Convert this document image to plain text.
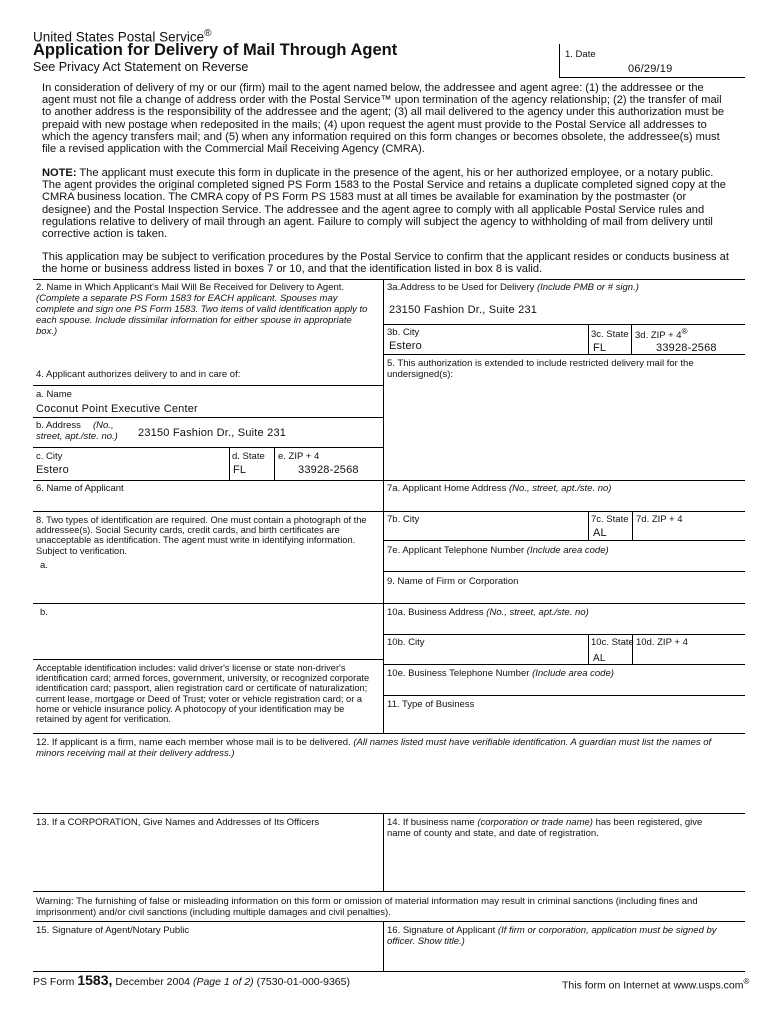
United States Postal Service®
Application for Delivery of Mail Through Agent
See Privacy Act Statement on Reverse
1. Date
06/29/19
In consideration of delivery of my or our (firm) mail to the agent named below, the addressee and agent agree: (1) the addressee or the agent must not file a change of address order with the Postal Service™ upon termination of the agency relationship; (2) the transfer of mail to another address is the responsibility of the addressee and the agent; (3) all mail delivered to the agency under this authorization must be prepaid with new postage when redeposited in the mails; (4) upon request the agent must provide to the Postal Service all addresses to which the agency transfers mail; and (5) when any information required on this form changes or becomes obsolete, the addressee(s) must file a revised application with the Commercial Mail Receiving Agency (CMRA).
NOTE: The applicant must execute this form in duplicate in the presence of the agent, his or her authorized employee, or a notary public. The agent provides the original completed signed PS Form 1583 to the Postal Service and retains a duplicate completed signed copy at the CMRA business location. The CMRA copy of PS Form PS 1583 must at all times be available for examination by the postmaster (or designee) and the Postal Inspection Service. The addressee and the agent agree to comply with all applicable Postal Service rules and regulations relative to delivery of mail through an agent. Failure to comply will subject the agency to withholding of mail from delivery until corrective action is taken.
This application may be subject to verification procedures by the Postal Service to confirm that the applicant resides or conducts business at the home or business address listed in boxes 7 or 10, and that the identification listed in box 8 is valid.
2. Name in Which Applicant's Mail Will Be Received for Delivery to Agent.
(Complete a separate PS Form 1583 for EACH applicant. Spouses may complete and sign one PS Form 1583. Two items of valid identification apply to each spouse. Include dissimilar information for either spouse in appropriate box.)
3a.Address to be Used for Delivery (Include PMB or # sign.)
23150 Fashion Dr., Suite 231
3b. City
Estero
3c. State
FL
3d. ZIP + 4®
33928-2568
4. Applicant authorizes delivery to and in care of:
5. This authorization is extended to include restricted delivery mail for the undersigned(s):
a. Name
Coconut Point Executive Center
b. Address	(No., street, apt./ste. no.)	23150 Fashion Dr., Suite 231
c. City
Estero
d. State
FL
e. ZIP + 4
33928-2568
6. Name of Applicant	7a. Applicant Home Address (No., street, apt./ste. no)
7b. City	7c. State
AL
7d. ZIP + 4
7e. Applicant Telephone Number (Include area code)
8. Two types of identification are required. One must contain a photograph of the addressee(s). Social Security cards, credit cards, and birth certificates are unacceptable as identification. The agent must write in identifying information. Subject to verification.
a.
b.
Acceptable identification includes: valid driver's license or state non-driver's identification card; armed forces, government, university, or recognized corporate identification card; passport, alien registration card or certificate of naturalization; current lease, mortgage or Deed of Trust; voter or vehicle registration card; or a home or vehicle insurance policy. A photocopy of your identification may be retained by agent for verification.
9. Name of Firm or Corporation
10a. Business Address (No., street, apt./ste. no)
10b. City	10c. State
AL
10d. ZIP + 4
10e. Business Telephone Number (Include area code)
11. Type of Business
12. If applicant is a firm, name each member whose mail is to be delivered. (All names listed must have verifiable identification. A guardian must list the names of minors receiving mail at their delivery address.)
13. If a CORPORATION, Give Names and Addresses of Its Officers	14. If business name (corporation or trade name) has been registered, give name of county and state, and date of registration.
Warning: The furnishing of false or misleading information on this form or omission of material information may result in criminal sanctions (including fines and imprisonment) and/or civil sanctions (including multiple damages and civil penalties).
15. Signature of Agent/Notary Public	16. Signature of Applicant (If firm or corporation, application must be signed by officer. Show title.)
PS Form 1583, December 2004 (Page 1 of 2) (7530-01-000-9365)	This form on Internet at www.usps.com®
